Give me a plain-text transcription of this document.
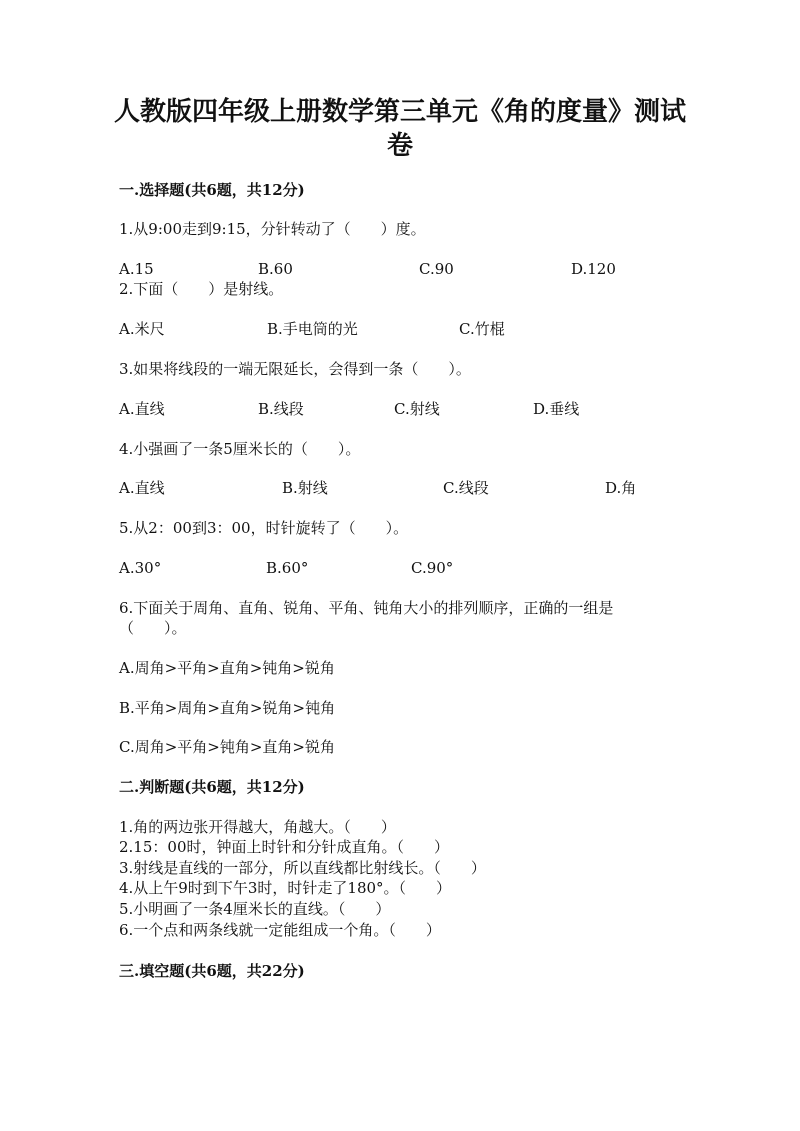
人教版四年级上册数学第三单元《角的度量》测试
卷
一.选择题(共6题，共12分)
1.从9:00走到9:15，分针转动了（　　）度。
A.15	B.60	C.90	D.120
2.下面（　　）是射线。
A.米尺	B.手电筒的光	C.竹棍
3.如果将线段的一端无限延长，会得到一条（　　）。
A.直线	B.线段	C.射线	D.垂线
4.小强画了一条5厘米长的（　　）。
A.直线	B.射线	C.线段	D.角
5.从2：00到3：00，时针旋转了（　　）。
A.30°	B.60°	C.90°
6.下面关于周角、直角、锐角、平角、钝角大小的排列顺序，正确的一组是
（　　）。
A.周角>平角>直角>钝角>锐角
B.平角>周角>直角>锐角>钝角
C.周角>平角>钝角>直角>锐角
二.判断题(共6题，共12分)
1.角的两边张开得越大，角越大。（　　）
2.15：00时，钟面上时针和分针成直角。（　　）
3.射线是直线的一部分，所以直线都比射线长。（　　）
4.从上午9时到下午3时，时针走了180°。（　　）
5.小明画了一条4厘米长的直线。（　　）
6.一个点和两条线就一定能组成一个角。（　　）
三.填空题(共6题，共22分)
